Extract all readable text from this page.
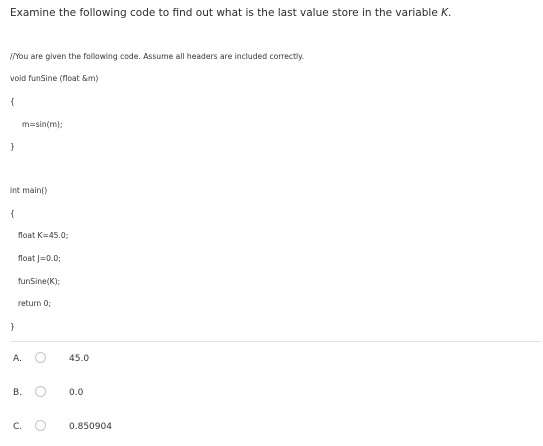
Examine the following code to find out what is the last value store in the variable K.
//You are given the following code. Assume all headers are included correctly.
void funSine (float &m)
{
m=sin(m);
}
int main()
{
float K=45.0;
float J=0.0;
funSine(K);
return 0;
}
A.	45.0
B.	0.0
C.	0.850904
